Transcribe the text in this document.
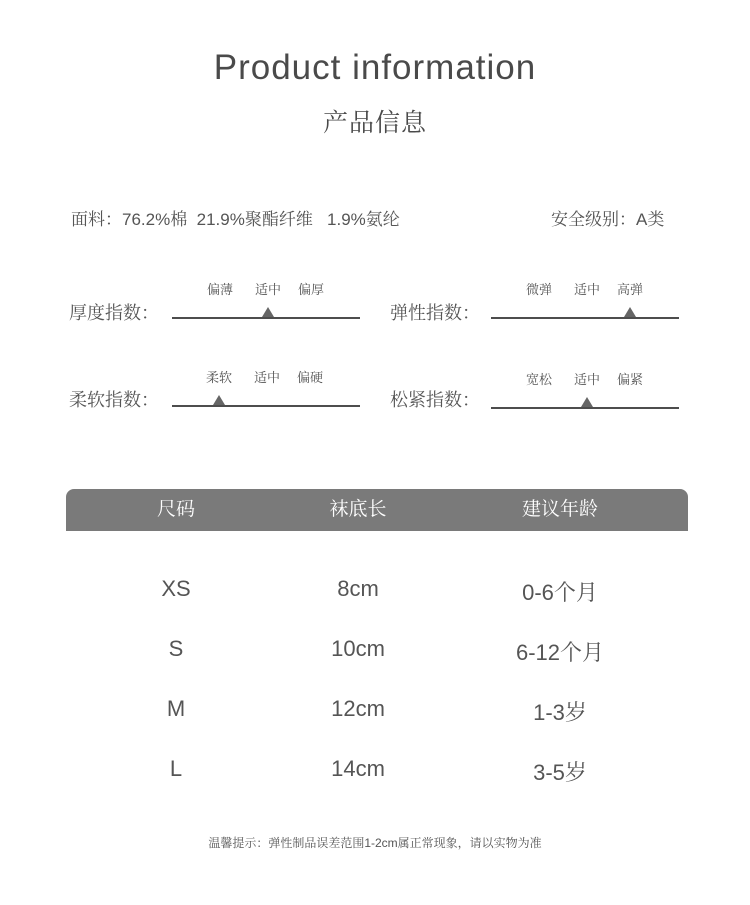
Product information
产品信息
面料：76.2%棉  21.9%聚酯纤维   1.9%氨纶	安全级别：A类
厚度指数：
偏薄 适中 偏厚
弹性指数：
微弹 适中 高弹
柔软指数：
柔软 适中 偏硬
松紧指数：
宽松 适中 偏紧
尺码	袜底长	建议年龄
XS	8cm	0-6个月
S	10cm	6-12个月
M	12cm	1-3岁
L	14cm	3-5岁
温馨提示：弹性制品误差范围1-2cm属正常现象，请以实物为准
